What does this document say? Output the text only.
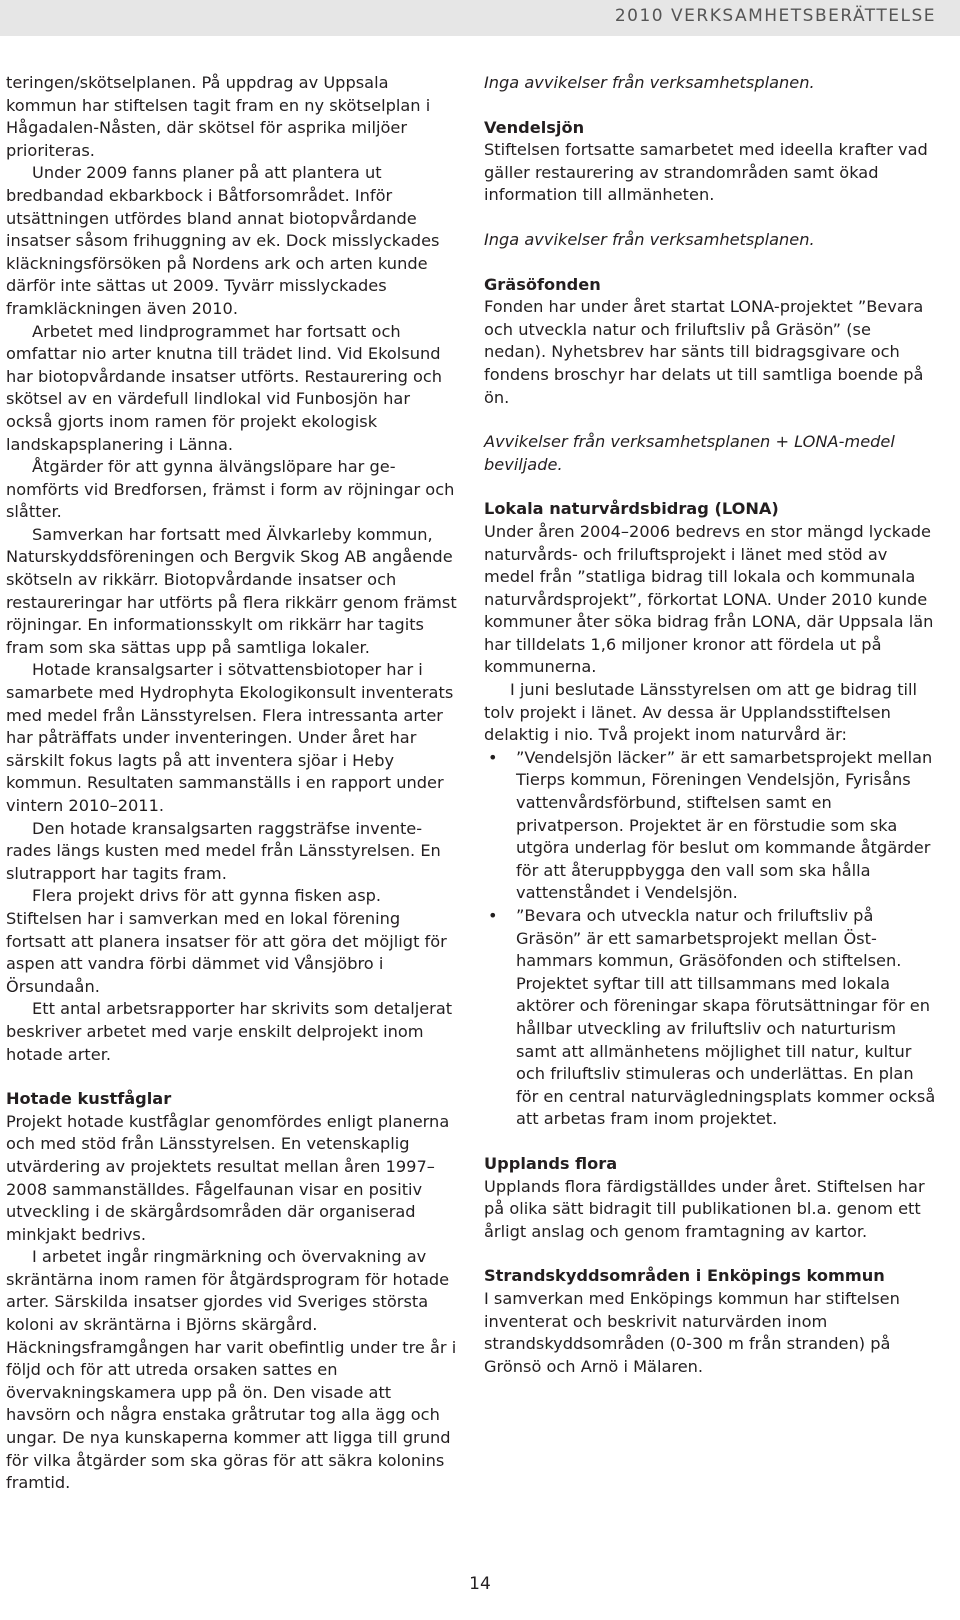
2010 VERKSAMHETSBERÄTTELSE

teringen/skötselplanen. På uppdrag av Uppsala kommun har stiftelsen tagit fram en ny skötselplan i Hågadalen-Nåsten, där skötsel för asprika miljöer prioriteras.

Under 2009 fanns planer på att plantera ut bredbandad ekbarkbock i Båtforsområdet. Inför utsättningen utfördes bland annat biotopvårdande insatser såsom frihuggning av ek. Dock misslyckades kläckningsförsöken på Nordens ark och arten kunde därför inte sättas ut 2009. Tyvärr misslyckades framkläckningen även 2010.

Arbetet med lindprogrammet har fortsatt och omfattar nio arter knutna till trädet lind. Vid Ekolsund har biotopvårdande insatser utförts. Restaurering och skötsel av en värdefull lindlokal vid Funbosjön har också gjorts inom ramen för projekt ekologisk landskapsplanering i Länna.

Åtgärder för att gynna älvängslöpare har genomförts vid Bredforsen, främst i form av röjningar och slåtter.

Samverkan har fortsatt med Älvkarleby kommun, Naturskyddsföreningen och Bergvik Skog AB angående skötseln av rikkärr. Biotopvårdande insatser och restaureringar har utförts på flera rikkärr genom främst röjningar. En informationsskylt om rikkärr har tagits fram som ska sättas upp på samtliga lokaler.

Hotade kransalgsarter i sötvattensbiotoper har i samarbete med Hydrophyta Ekologikonsult inventerats med medel från Länsstyrelsen. Flera intressanta arter har påträffats under inventeringen. Under året har särskilt fokus lagts på att inventera sjöar i Heby kommun. Resultaten sammanställs i en rapport under vintern 2010–2011.

Den hotade kransalgsarten raggsträfse inventerades längs kusten med medel från Länsstyrelsen. En slutrapport har tagits fram.

Flera projekt drivs för att gynna fisken asp. Stiftelsen har i samverkan med en lokal förening fortsatt att planera insatser för att göra det möjligt för aspen att vandra förbi dämmet vid Vånsjöbro i Örsundaån.

Ett antal arbetsrapporter har skrivits som detaljerat beskriver arbetet med varje enskilt delprojekt inom hotade arter.

Hotade kustfåglar

Projekt hotade kustfåglar genomfördes enligt planerna och med stöd från Länsstyrelsen. En vetenskaplig utvärdering av projektets resultat mellan åren 1997–2008 sammanställdes. Fågelfaunan visar en positiv utveckling i de skärgårdsområden där organiserad minkjakt bedrivs.

I arbetet ingår ringmärkning och övervakning av skräntärna inom ramen för åtgärdsprogram för hotade arter. Särskilda insatser gjordes vid Sveriges största koloni av skräntärna i Björns skärgård. Häckningsframgången har varit obefintlig under tre år i följd och för att utreda orsaken sattes en övervakningskamera upp på ön. Den visade att havsörn och några enstaka gråtrutar tog alla ägg och ungar. De nya kunskaperna kommer att ligga till grund för vilka åtgärder som ska göras för att säkra kolonins framtid.

Inga avvikelser från verksamhetsplanen.

Vendelsjön

Stiftelsen fortsatte samarbetet med ideella krafter vad gäller restaurering av strandområden samt ökad information till allmänheten.

Inga avvikelser från verksamhetsplanen.

Gräsöfonden

Fonden har under året startat LONA-projektet ”Bevara och utveckla natur och friluftsliv på Gräsön” (se nedan). Nyhetsbrev har sänts till bidragsgivare och fondens broschyr har delats ut till samtliga boende på ön.

Avvikelser från verksamhetsplanen + LONA-medel beviljade.

Lokala naturvårdsbidrag (LONA)

Under åren 2004–2006 bedrevs en stor mängd lyckade naturvårds- och friluftsprojekt i länet med stöd av medel från ”statliga bidrag till lokala och kommunala naturvårdsprojekt”, förkortat LONA. Under 2010 kunde kommuner åter söka bidrag från LONA, där Uppsala län har tilldelats 1,6 miljoner kronor att fördela ut på kommunerna.

I juni beslutade Länsstyrelsen om att ge bidrag till tolv projekt i länet. Av dessa är Upplandsstiftelsen delaktig i nio. Två projekt inom naturvård är:

• ”Vendelsjön läcker” är ett samarbetsprojekt mellan Tierps kommun, Föreningen Vendelsjön, Fyrisåns vattenvårdsförbund, stiftelsen samt en privatperson. Projektet är en förstudie som ska utgöra underlag för beslut om kommande åtgärder för att återuppbygga den vall som ska hålla vattenståndet i Vendelsjön.
• ”Bevara och utveckla natur och friluftsliv på Gräsön” är ett samarbetsprojekt mellan Östhammars kommun, Gräsöfonden och stiftelsen. Projektet syftar till att tillsammans med lokala aktörer och föreningar skapa förutsättningar för en hållbar utveckling av friluftsliv och naturturism samt att allmänhetens möjlighet till natur, kultur och friluftsliv stimuleras och underlättas. En plan för en central naturvägledningsplats kommer också att arbetas fram inom projektet.
Upplands flora

Upplands flora färdigställdes under året. Stiftelsen har på olika sätt bidragit till publikationen bl.a. genom ett årligt anslag och genom framtagning av kartor.

Strandskyddsområden i Enköpings kommun

I samverkan med Enköpings kommun har stiftelsen inventerat och beskrivit naturvärden inom strandskyddsområden (0-300 m från stranden) på Grönsö och Arnö i Mälaren.

14
